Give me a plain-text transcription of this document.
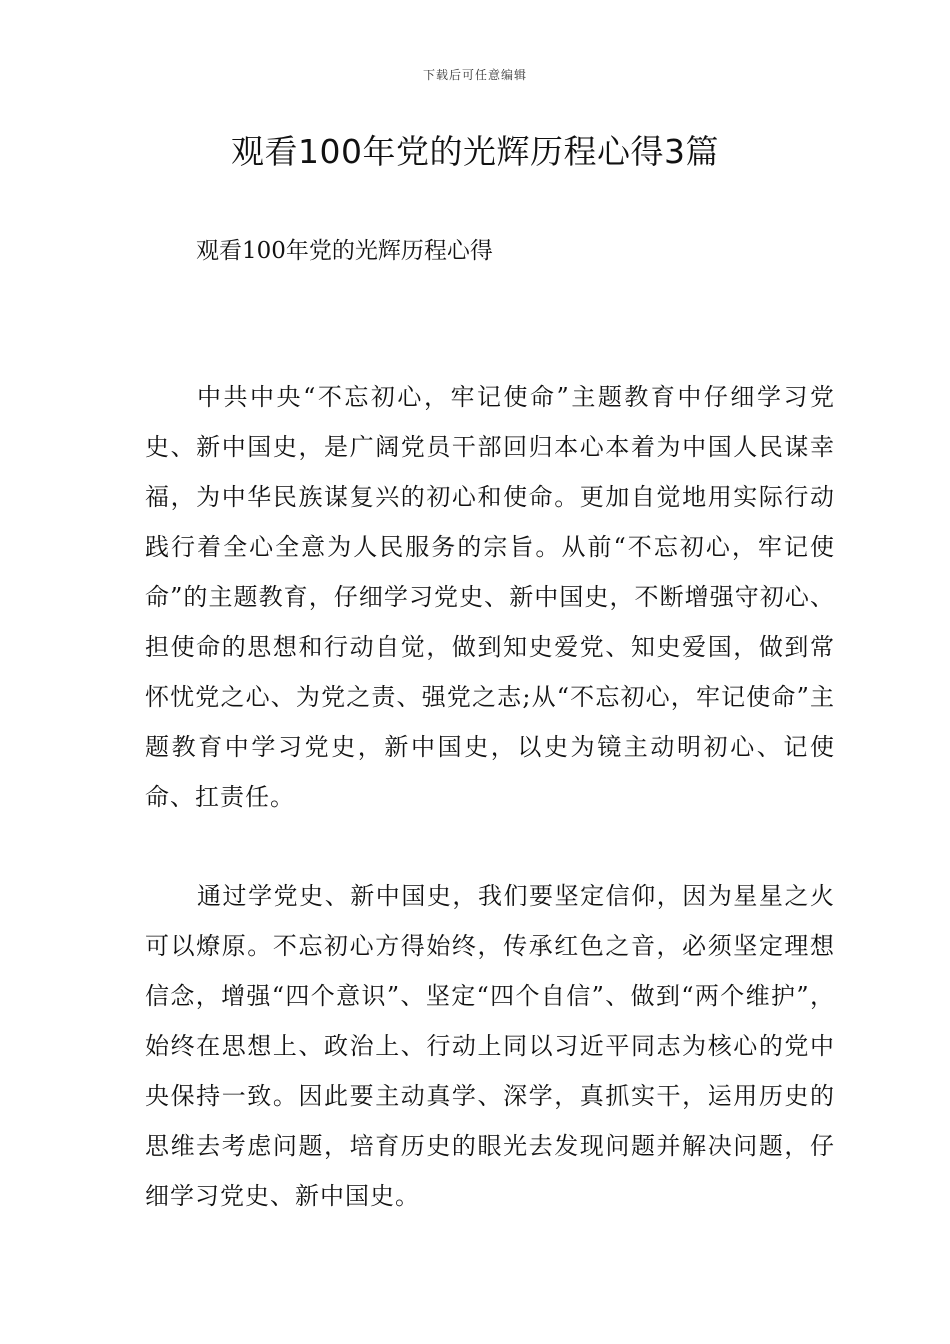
下载后可任意编辑
观看100年党的光辉历程心得3篇

观看100年党的光辉历程心得

中共中央“不忘初心，牢记使命”主题教育中仔细学习党史、新中国史，是广阔党员干部回归本心本着为中国人民谋幸福，为中华民族谋复兴的初心和使命。更加自觉地用实际行动践行着全心全意为人民服务的宗旨。从前“不忘初心，牢记使命”的主题教育，仔细学习党史、新中国史，不断增强守初心、担使命的思想和行动自觉，做到知史爱党、知史爱国，做到常怀忧党之心、为党之责、强党之志;从“不忘初心，牢记使命”主题教育中学习党史，新中国史，以史为镜主动明初心、记使命、扛责任。

通过学党史、新中国史，我们要坚定信仰，因为星星之火可以燎原。不忘初心方得始终，传承红色之音，必须坚定理想信念，增强“四个意识”、坚定“四个自信”、做到“两个维护”，始终在思想上、政治上、行动上同以习近平同志为核心的党中央保持一致。因此要主动真学、深学，真抓实干，运用历史的思维去考虑问题，培育历史的眼光去发现问题并解决问题，仔细学习党史、新中国史。
